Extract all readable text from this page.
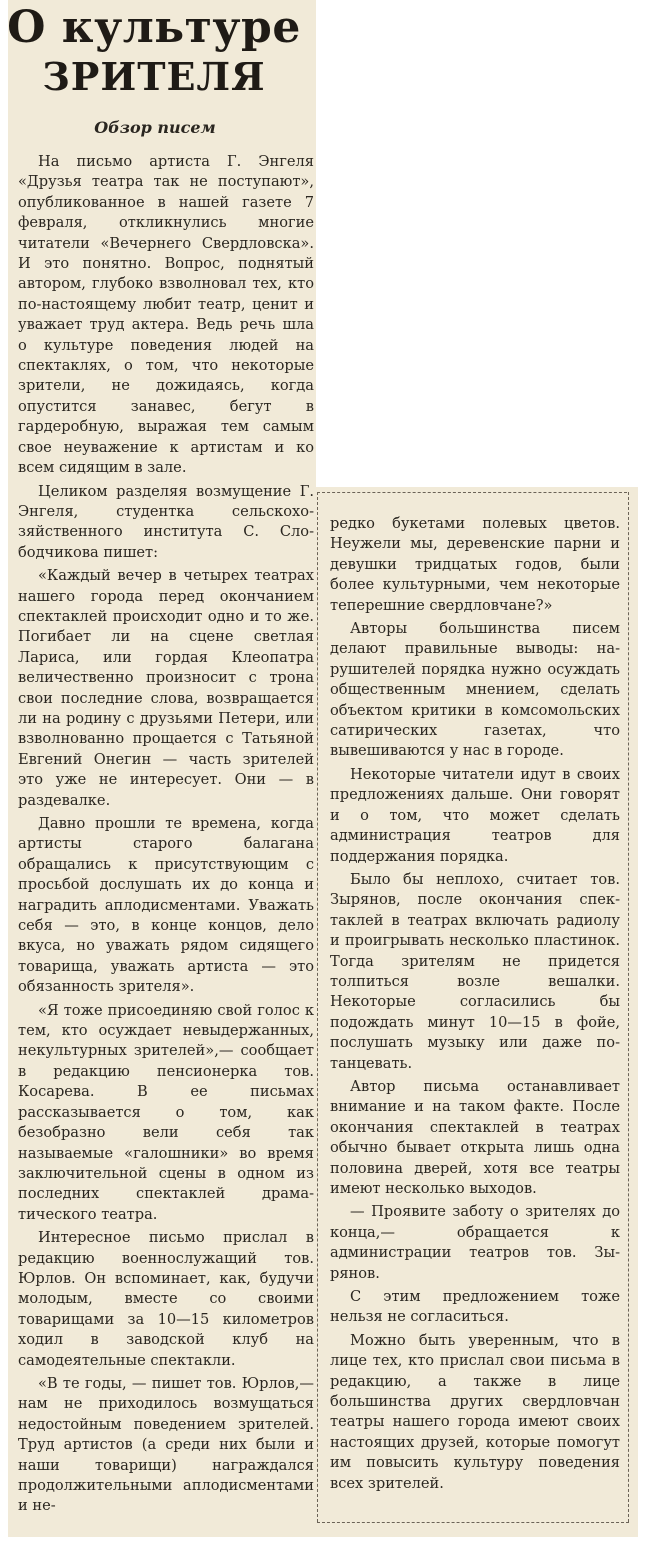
О культуре
ЗРИТЕЛЯ
Обзор писем

На письмо артиста Г. Энгеля «Друзья театра так не поступают», опубликованное в нашей газете 7 февраля, откликнулись многие читатели «Вечернего Свердловска». И это понятно. Вопрос, поднятый автором, глубоко взволновал тех, кто по-настоящему любит театр, ценит и уважает труд актера. Ведь речь шла о культуре поведения людей на спектаклях, о том, что некоторые зрители, не дожидаясь, когда опустится занавес, бегут в гардеробную, выражая тем самым свое неуважение к артистам и ко всем сидящим в зале.

Целиком разделяя возмущение Г. Энгеля, студентка сельскохозяйственного института С. Слободчикова пишет:

«Каждый вечер в четырех театрах нашего города перед окончанием спектаклей происходит одно и то же. Погибает ли на сцене светлая Лариса, или гордая Клеопатра величественно произносит с трона свои последние слова, возвращается ли на родину с друзьями Петери, или взволнованно прощается с Татьяной Евгений Онегин — часть зрителей это уже не интересует. Они — в раздевалке.

Давно прошли те времена, когда артисты старого балагана обращались к присутствующим с просьбой дослушать их до конца и наградить аплодисментами. Уважать себя — это, в конце концов, дело вкуса, но уважать рядом сидящего товарища, уважать артиста — это обязанность зрителя».

«Я тоже присоединяю свой голос к тем, кто осуждает невыдержанных, некультурных зрителей»,— сообщает в редакцию пенсионерка тов. Косарева. В ее письмах рассказывается о том, как безобразно вели себя так называемые «галошники» во время заключительной сцены в одном из последних спектаклей драматического театра.

Интересное письмо прислал в редакцию военнослужащий тов. Юрлов. Он вспоминает, как, будучи молодым, вместе со своими товарищами за 10—15 километров ходил в заводской клуб на самодеятельные спектакли.

«В те годы, — пишет тов. Юрлов,— нам не приходилось возмущаться недостойным поведением зрителей. Труд артистов (а среди них были и наши товарищи) награждался продолжительными аплодисментами и не-

редко букетами полевых цветов. Неужели мы, деревенские парни и девушки тридцатых годов, были более культурными, чем некоторые теперешние свердловчане?»

Авторы большинства писем делают правильные выводы: нарушителей порядка нужно осуждать общественным мнением, сделать объектом критики в комсомольских сатирических газетах, что вывешиваются у нас в городе.

Некоторые читатели идут в своих предложениях дальше. Они говорят и о том, что может сделать администрация театров для поддержания порядка.

Было бы неплохо, считает тов. Зырянов, после окончания спектаклей в театрах включать радиолу и проигрывать несколько пластинок. Тогда зрителям не придется толпиться возле вешалки. Некоторые согласились бы подождать минут 10—15 в фойе, послушать музыку или даже потанцевать.

Автор письма останавливает внимание и на таком факте. После окончания спектаклей в театрах обычно бывает открыта лишь одна половина дверей, хотя все театры имеют несколько выходов.

— Проявите заботу о зрителях до конца,— обращается к администрации театров тов. Зырянов.

С этим предложением тоже нельзя не согласиться.

Можно быть уверенным, что в лице тех, кто прислал свои письма в редакцию, а также в лице большинства других свердловчан театры нашего города имеют своих настоящих друзей, которые помогут им повысить культуру поведения всех зрителей.
